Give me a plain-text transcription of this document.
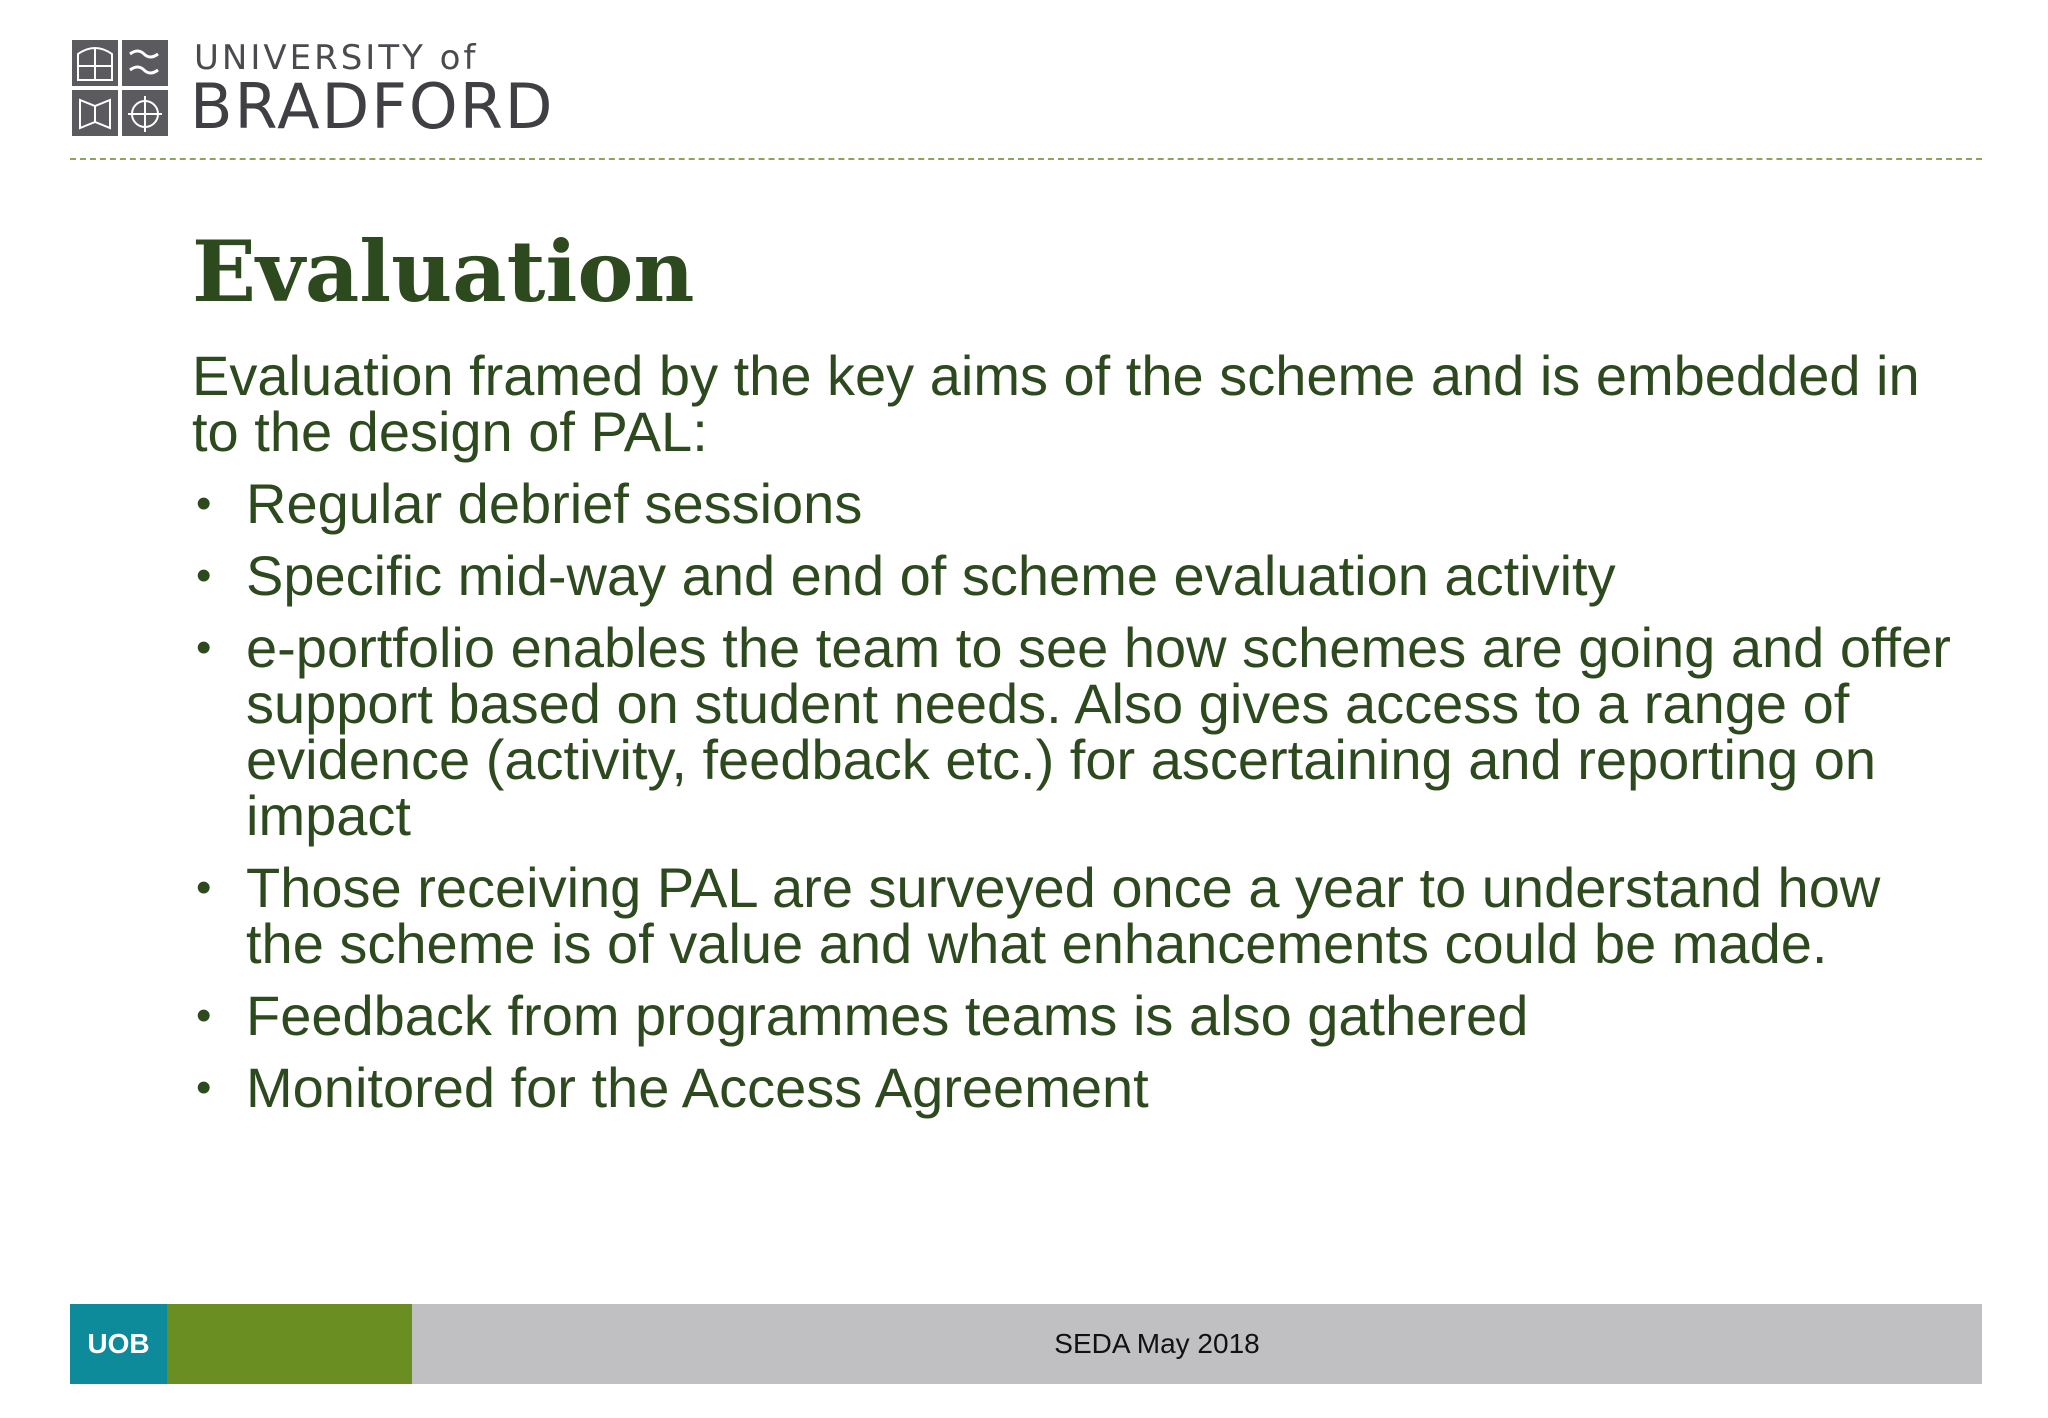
UNIVERSITY of
BRADFORD
Evaluation

Evaluation framed by the key aims of the scheme and is embedded in to the design of PAL:

• Regular debrief sessions
• Specific mid-way and end of scheme evaluation activity
• e-portfolio enables the team to see how schemes are going and offer support based on student needs. Also gives access to a range of evidence (activity, feedback etc.) for ascertaining and reporting on impact
• Those receiving PAL are surveyed once a year to understand how the scheme is of value and what enhancements could be made.
• Feedback from programmes teams is also gathered
• Monitored for the Access Agreement
UOB	SEDA May 2018
